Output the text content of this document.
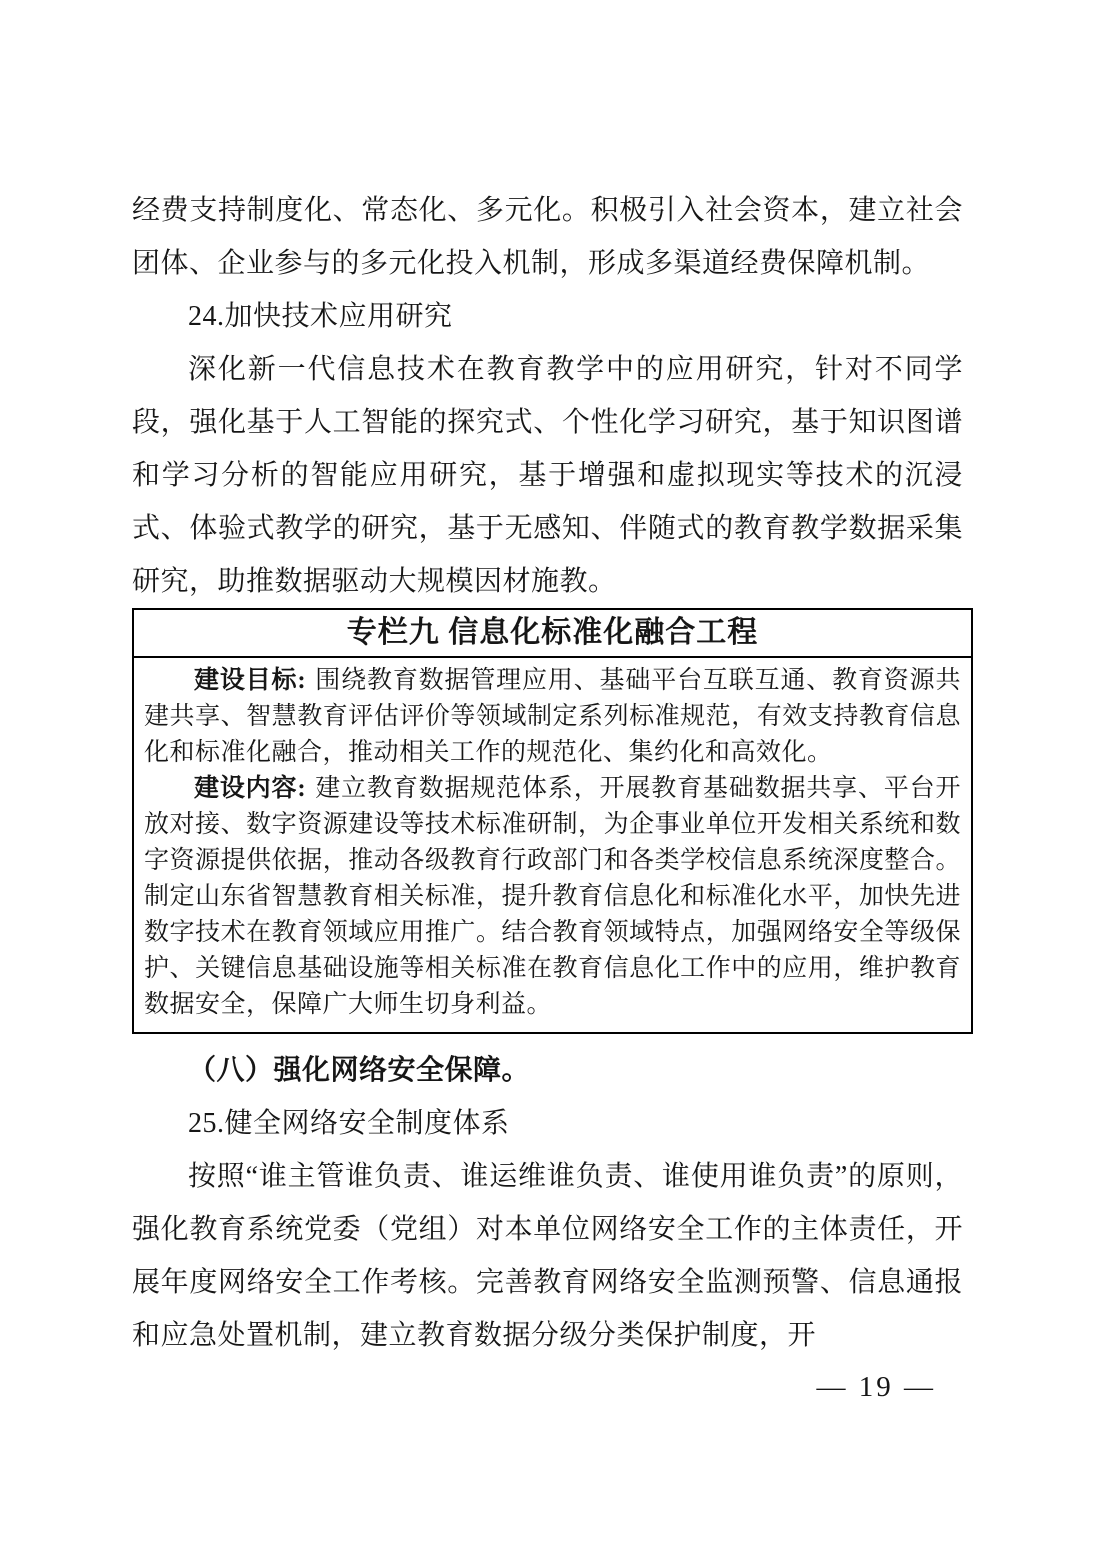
经费支持制度化、常态化、多元化。积极引入社会资本，建立社会团体、企业参与的多元化投入机制，形成多渠道经费保障机制。

24.加快技术应用研究

深化新一代信息技术在教育教学中的应用研究，针对不同学段，强化基于人工智能的探究式、个性化学习研究，基于知识图谱和学习分析的智能应用研究，基于增强和虚拟现实等技术的沉浸式、体验式教学的研究，基于无感知、伴随式的教育教学数据采集研究，助推数据驱动大规模因材施教。

专栏九 信息化标准化融合工程

建设目标: 围绕教育数据管理应用、基础平台互联互通、教育资源共建共享、智慧教育评估评价等领域制定系列标准规范，有效支持教育信息化和标准化融合，推动相关工作的规范化、集约化和高效化。

建设内容: 建立教育数据规范体系，开展教育基础数据共享、平台开放对接、数字资源建设等技术标准研制，为企事业单位开发相关系统和数字资源提供依据，推动各级教育行政部门和各类学校信息系统深度整合。制定山东省智慧教育相关标准，提升教育信息化和标准化水平，加快先进数字技术在教育领域应用推广。结合教育领域特点，加强网络安全等级保护、关键信息基础设施等相关标准在教育信息化工作中的应用，维护教育数据安全，保障广大师生切身利益。

（八）强化网络安全保障。

25.健全网络安全制度体系

按照“谁主管谁负责、谁运维谁负责、谁使用谁负责”的原则，强化教育系统党委（党组）对本单位网络安全工作的主体责任，开展年度网络安全工作考核。完善教育网络安全监测预警、信息通报和应急处置机制，建立教育数据分级分类保护制度，开

— 19 —
